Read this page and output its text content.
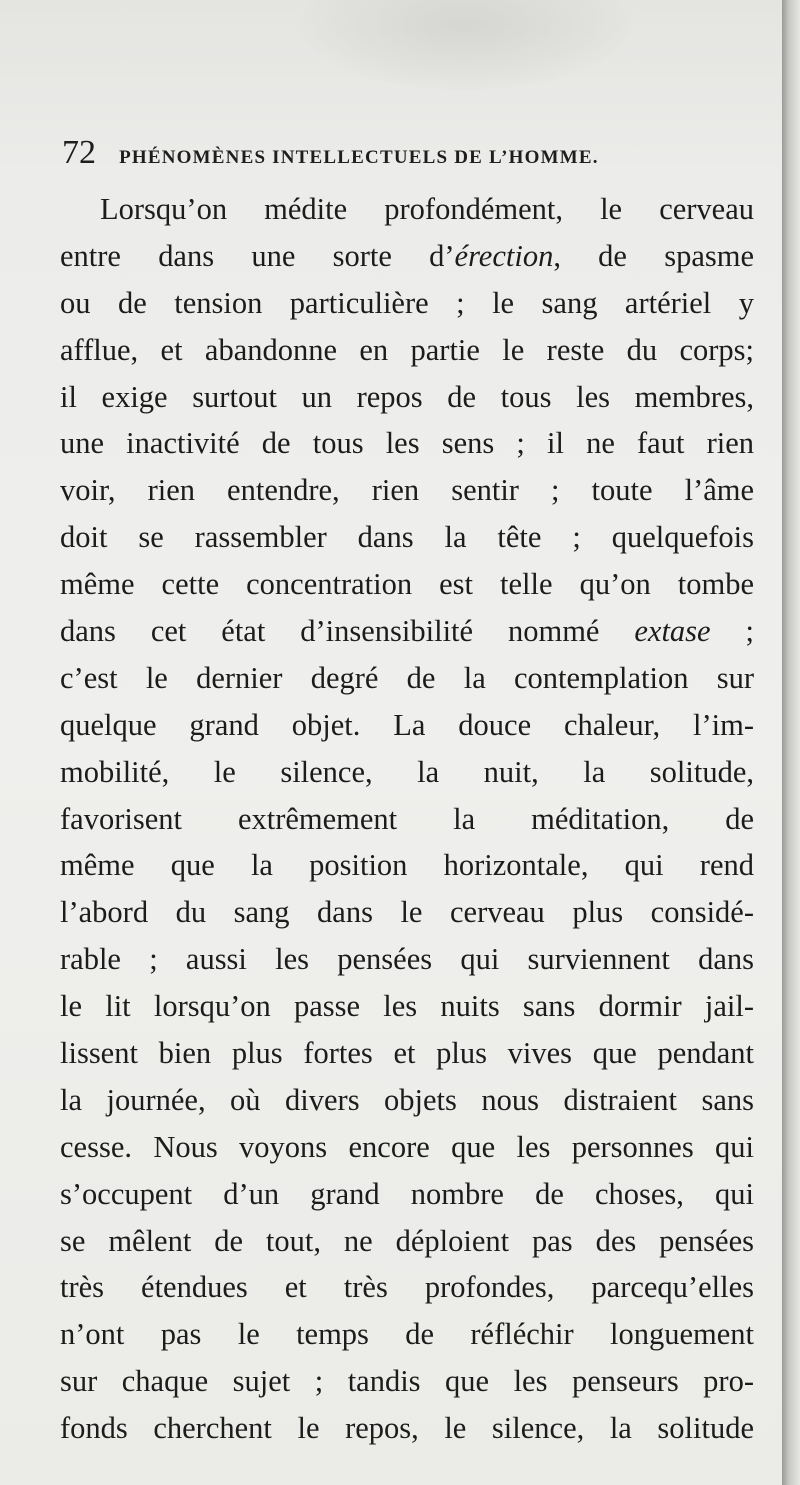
72 PHÉNOMÈNES INTELLECTUELS DE L’HOMME.
Lorsqu’on médite profondément, le cerveau
entre dans une sorte d’érection, de spasme
ou de tension particulière ; le sang artériel y
afflue, et abandonne en partie le reste du corps;
il exige surtout un repos de tous les membres,
une inactivité de tous les sens ; il ne faut rien
voir, rien entendre, rien sentir ; toute l’âme
doit se rassembler dans la tête ; quelquefois
même cette concentration est telle qu’on tombe
dans cet état d’insensibilité nommé extase ;
c’est le dernier degré de la contemplation sur
quelque grand objet. La douce chaleur, l’im-
mobilité, le silence, la nuit, la solitude,
favorisent extrêmement la méditation, de
même que la position horizontale, qui rend
l’abord du sang dans le cerveau plus considé-
rable ; aussi les pensées qui surviennent dans
le lit lorsqu’on passe les nuits sans dormir jail-
lissent bien plus fortes et plus vives que pendant
la journée, où divers objets nous distraient sans
cesse. Nous voyons encore que les personnes qui
s’occupent d’un grand nombre de choses, qui
se mêlent de tout, ne déploient pas des pensées
très étendues et très profondes, parcequ’elles
n’ont pas le temps de réfléchir longuement
sur chaque sujet ; tandis que les penseurs pro-
fonds cherchent le repos, le silence, la solitude
